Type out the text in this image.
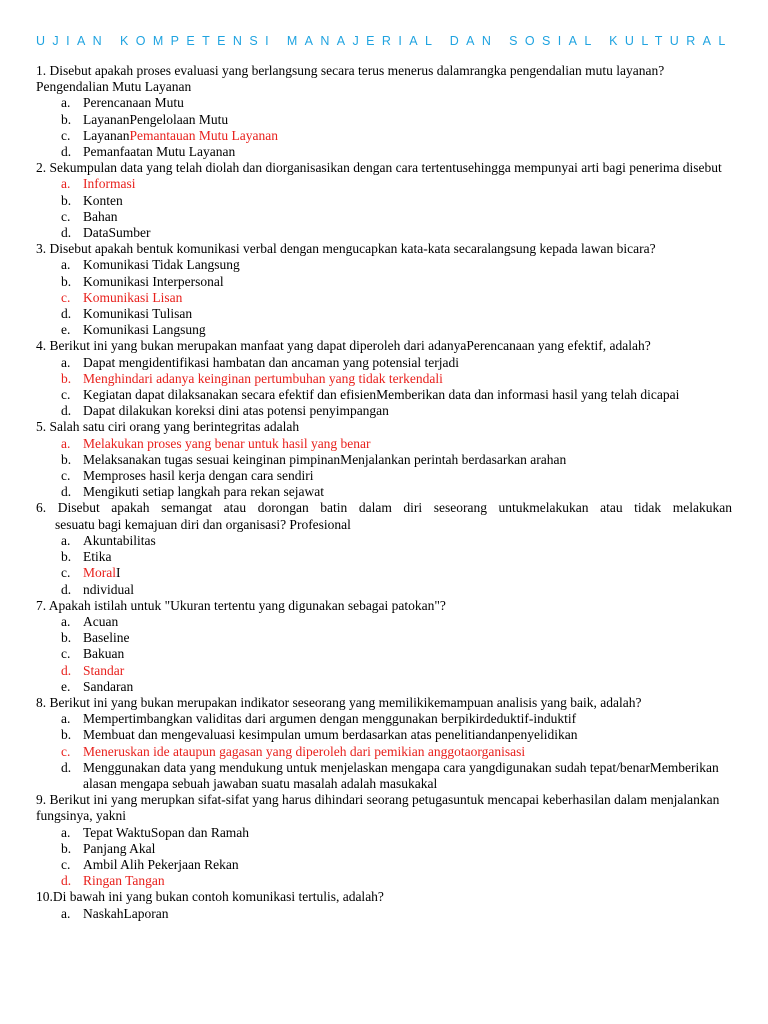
UJIAN KOMPETENSI MANAJERIAL DAN SOSIAL KULTURAL

1. Disebut apakah proses evaluasi yang berlangsung secara terus menerus dalamrangka pengendalian mutu layanan?Pengendalian Mutu Layanan

a. Perencanaan Mutu
b. LayananPengelolaan Mutu
c. LayananPemantauan Mutu Layanan
d. Pemanfaatan Mutu Layanan

2. Sekumpulan data yang telah diolah dan diorganisasikan dengan cara tertentusehingga mempunyai arti bagi penerima disebut

a. Informasi
b. Konten
c. Bahan
d. DataSumber

3. Disebut apakah bentuk komunikasi verbal dengan mengucapkan kata-kata secaralangsung kepada lawan bicara?

a. Komunikasi Tidak Langsung
b. Komunikasi Interpersonal
c. Komunikasi Lisan
d. Komunikasi Tulisan
e. Komunikasi Langsung

4. Berikut ini yang bukan merupakan manfaat yang dapat diperoleh dari adanyaPerencanaan yang efektif, adalah?

a. Dapat mengidentifikasi hambatan dan ancaman yang potensial terjadi
b. Menghindari adanya keinginan pertumbuhan yang tidak terkendali
c. Kegiatan dapat dilaksanakan secara efektif dan efisienMemberikan data dan informasi hasil yang telah dicapai
d. Dapat dilakukan koreksi dini atas potensi penyimpangan

5. Salah satu ciri orang yang berintegritas adalah

a. Melakukan proses yang benar untuk hasil yang benar
b. Melaksanakan tugas sesuai keinginan pimpinanMenjalankan perintah berdasarkan arahan
c. Memproses hasil kerja dengan cara sendiri
d. Mengikuti setiap langkah para rekan sejawat

6. Disebut apakah semangat atau dorongan batin dalam diri seseorang untukmelakukan atau tidak melakukan

sesuatu bagi kemajuan diri dan organisasi? Profesional

a. Akuntabilitas
b. Etika
c. MoralI
d. ndividual

7. Apakah istilah untuk "Ukuran tertentu yang digunakan sebagai patokan"?

a. Acuan
b. Baseline
c. Bakuan
d. Standar
e. Sandaran

8. Berikut ini yang bukan merupakan indikator seseorang yang memilikikemampuan analisis yang baik, adalah?

a. Mempertimbangkan validitas dari argumen dengan menggunakan berpikirdeduktif-induktif
b. Membuat dan mengevaluasi kesimpulan umum berdasarkan atas penelitiandanpenyelidikan
c. Meneruskan ide ataupun gagasan yang diperoleh dari pemikian anggotaorganisasi
d. Menggunakan data yang mendukung untuk menjelaskan mengapa cara yangdigunakan sudah tepat/benarMemberikan alasan mengapa sebuah jawaban suatu masalah adalah masukakal

9. Berikut ini yang merupkan sifat-sifat yang harus dihindari seorang petugasuntuk mencapai keberhasilan dalam menjalankan fungsinya, yakni

a. Tepat WaktuSopan dan Ramah
b. Panjang Akal
c. Ambil Alih Pekerjaan Rekan
d. Ringan Tangan

10.Di bawah ini yang bukan contoh komunikasi tertulis, adalah?

a. NaskahLaporan
